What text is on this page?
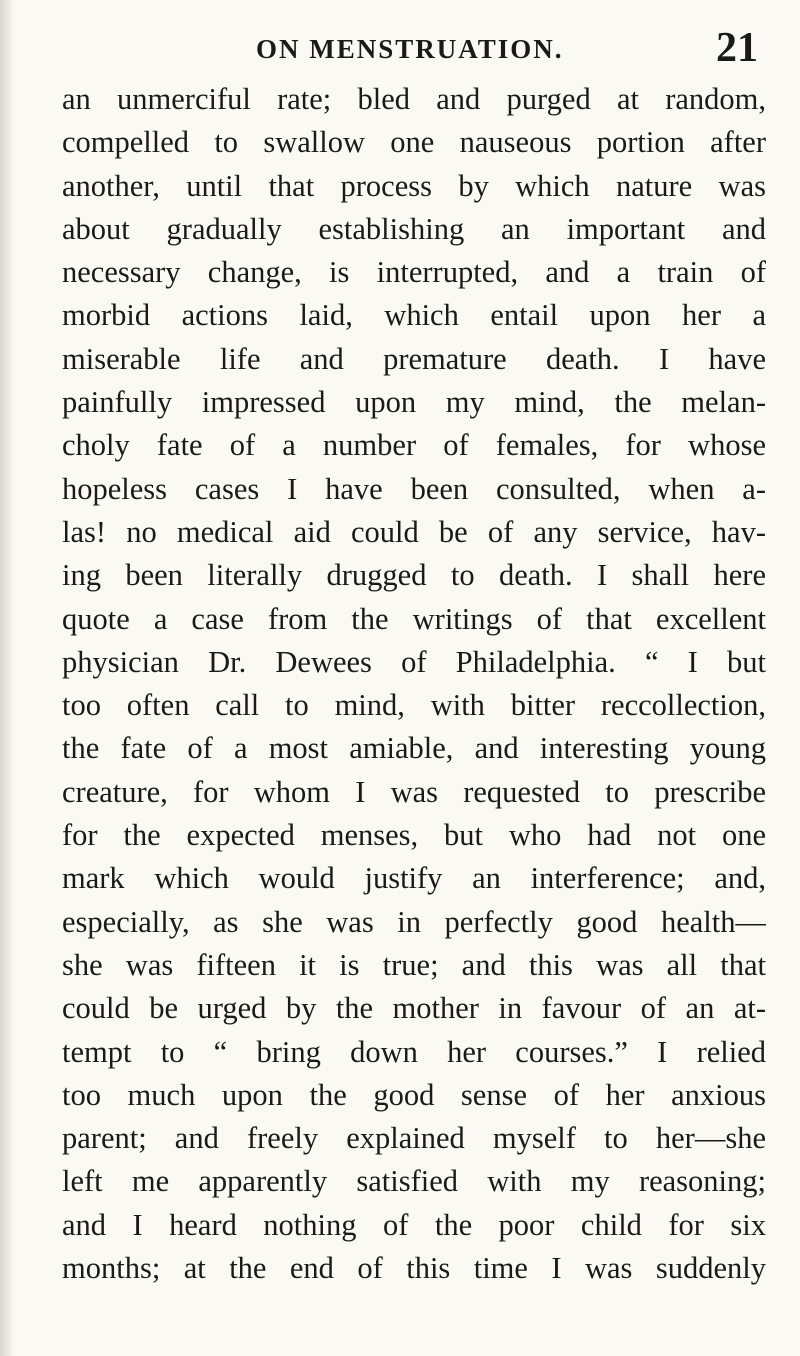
ON MENSTRUATION.	21
an unmerciful rate; bled and purged at random,
compelled to swallow one nauseous portion after
another, until that process by which nature was
about gradually establishing an important and
necessary change, is interrupted, and a train of
morbid actions laid, which entail upon her a
miserable life and premature death. I have
painfully impressed upon my mind, the melan-
choly fate of a number of females, for whose
hopeless cases I have been consulted, when a-
las! no medical aid could be of any service, hav-
ing been literally drugged to death. I shall here
quote a case from the writings of that excellent
physician Dr. Dewees of Philadelphia. “ I but
too often call to mind, with bitter reccollection,
the fate of a most amiable, and interesting young
creature, for whom I was requested to prescribe
for the expected menses, but who had not one
mark which would justify an interference; and,
especially, as she was in perfectly good health—
she was fifteen it is true; and this was all that
could be urged by the mother in favour of an at-
tempt to “ bring down her courses.” I relied
too much upon the good sense of her anxious
parent; and freely explained myself to her—she
left me apparently satisfied with my reasoning;
and I heard nothing of the poor child for six
months; at the end of this time I was suddenly
